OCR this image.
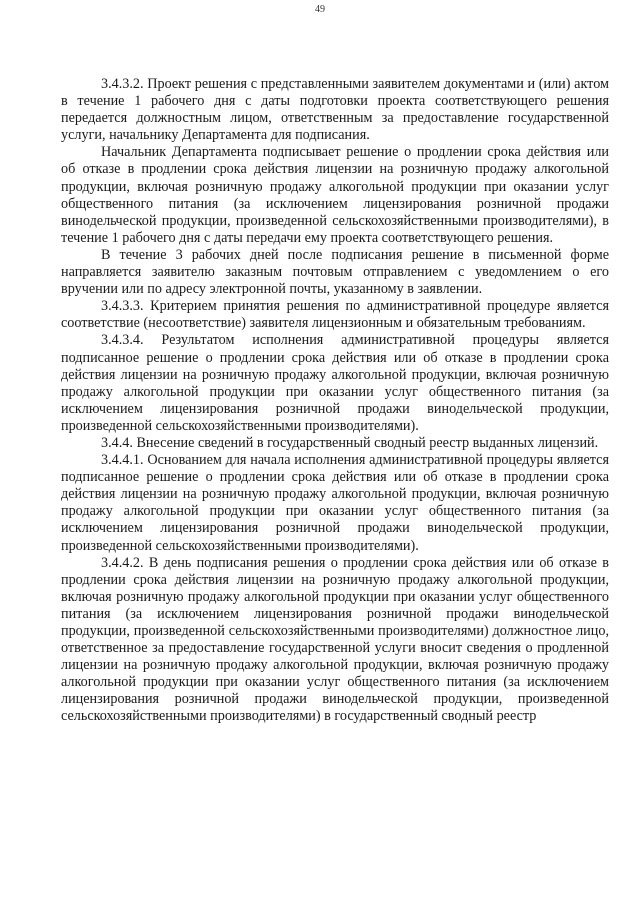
49

3.4.3.2. Проект решения с представленными заявителем документами и (или) актом в течение 1 рабочего дня с даты подготовки проекта соответствующего решения передается должностным лицом, ответственным за предоставление государственной услуги, начальнику Департамента для подписания.

Начальник Департамента подписывает решение о продлении срока действия или об отказе в продлении срока действия лицензии на розничную продажу алкогольной продукции, включая розничную продажу алкогольной продукции при оказании услуг общественного питания (за исключением лицензирования розничной продажи винодельческой продукции, произведенной сельскохозяйственными производителями), в течение 1 рабочего дня с даты передачи ему проекта соответствующего решения.

В течение 3 рабочих дней после подписания решение в письменной форме направляется заявителю заказным почтовым отправлением с уведомлением о его вручении или по адресу электронной почты, указанному в заявлении.

3.4.3.3. Критерием принятия решения по административной процедуре является соответствие (несоответствие) заявителя лицензионным и обязательным требованиям.

3.4.3.4. Результатом исполнения административной процедуры является подписанное решение о продлении срока действия или об отказе в продлении срока действия лицензии на розничную продажу алкогольной продукции, включая розничную продажу алкогольной продукции при оказании услуг общественного питания (за исключением лицензирования розничной продажи винодельческой продукции, произведенной сельскохозяйственными производителями).

3.4.4. Внесение сведений в государственный сводный реестр выданных лицензий.

3.4.4.1. Основанием для начала исполнения административной процедуры является подписанное решение о продлении срока действия или об отказе в продлении срока действия лицензии на розничную продажу алкогольной продукции, включая розничную продажу алкогольной продукции при оказании услуг общественного питания (за исключением лицензирования розничной продажи винодельческой продукции, произведенной сельскохозяйственными производителями).

3.4.4.2. В день подписания решения о продлении срока действия или об отказе в продлении срока действия лицензии на розничную продажу алкогольной продукции, включая розничную продажу алкогольной продукции при оказании услуг общественного питания (за исключением лицензирования розничной продажи винодельческой продукции, произведенной сельскохозяйственными производителями) должностное лицо, ответственное за предоставление государственной услуги вносит сведения о продленной лицензии на розничную продажу алкогольной продукции, включая розничную продажу алкогольной продукции при оказании услуг общественного питания (за исключением лицензирования розничной продажи винодельческой продукции, произведенной сельскохозяйственными производителями) в государственный сводный реестр
